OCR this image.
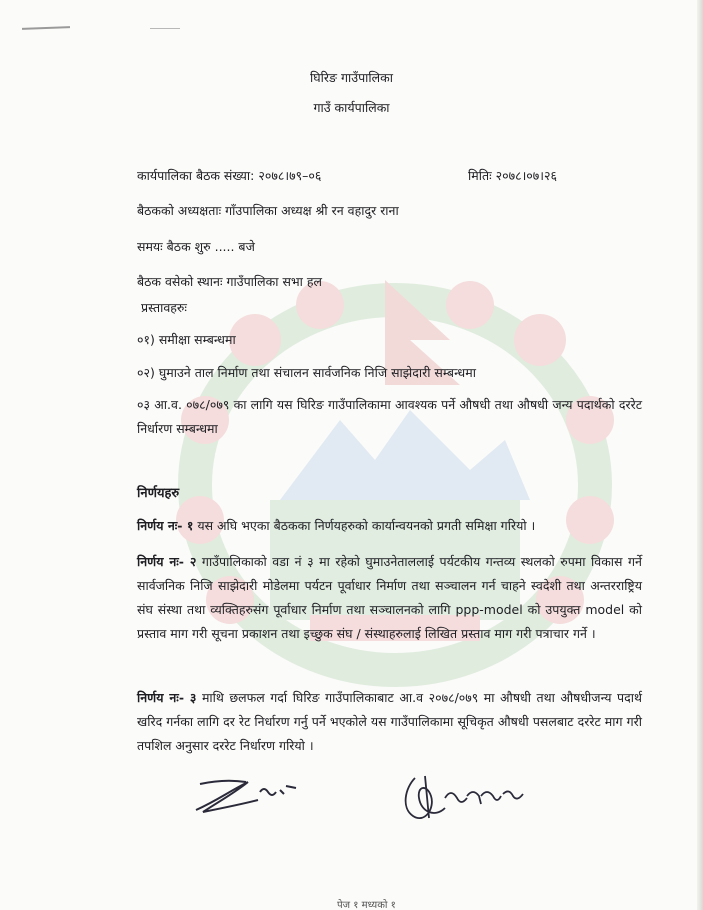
घिरिङ गाउँपालिका
गाउँ कार्यपालिका
कार्यपालिका बैठक संख्या: २०७८।७९–०६	मितिः २०७८।०७।२६
बैठकको अध्यक्षताः गाँउपालिका अध्यक्ष श्री रन वहादुर राना
समयः बैठक शुरु ..... बजे
बैठक वसेको स्थानः गाउँपालिका सभा हल
प्रस्तावहरुः
०१) समीक्षा सम्बन्धमा
०२) घुमाउने ताल निर्माण तथा संचालन सार्वजनिक निजि साझेदारी सम्बन्धमा
०३ आ.व. ०७८/०७९ का लागि यस घिरिङ गाउँपालिकामा आवश्यक पर्ने औषधी तथा औषधी जन्य पदार्थको दररेट निर्धारण सम्बन्धमा
निर्णयहरु
निर्णय नः- १ यस अघि भएका बैठकका निर्णयहरुको कार्यान्वयनको प्रगती समिक्षा गरियो ।
निर्णय नः- २ गाउँपालिकाको वडा नं ३ मा रहेको घुमाउनेताललाई पर्यटकीय गन्तव्य स्थलको रुपमा विकास गर्ने सार्वजनिक निजि साझेदारी मोडेलमा पर्यटन पूर्वाधार निर्माण तथा सञ्चालन गर्न चाहने स्वदेशी तथा अन्तरराष्ट्रिय संघ संस्था तथा व्यक्तिहरुसंग पूर्वाधार निर्माण तथा सञ्चालनको लागि ppp-model को उपयुक्त model को प्रस्ताव माग गरी सूचना प्रकाशन तथा इच्छुक संघ / संस्थाहरुलाई लिखित प्रस्ताव माग गरी पत्राचार गर्ने ।
निर्णय नः- ३ माथि छलफल गर्दा घिरिङ गाउँपालिकाबाट आ.व २०७८/०७९ मा औषधी तथा औषधीजन्य पदार्थ खरिद गर्नका लागि दर रेट निर्धारण गर्नु पर्ने भएकोले यस गाउँपालिकामा सूचिकृत औषधी पसलबाट दररेट माग गरी तपशिल अनुसार दररेट निर्धारण गरियो ।
पेज १ मध्यको १
